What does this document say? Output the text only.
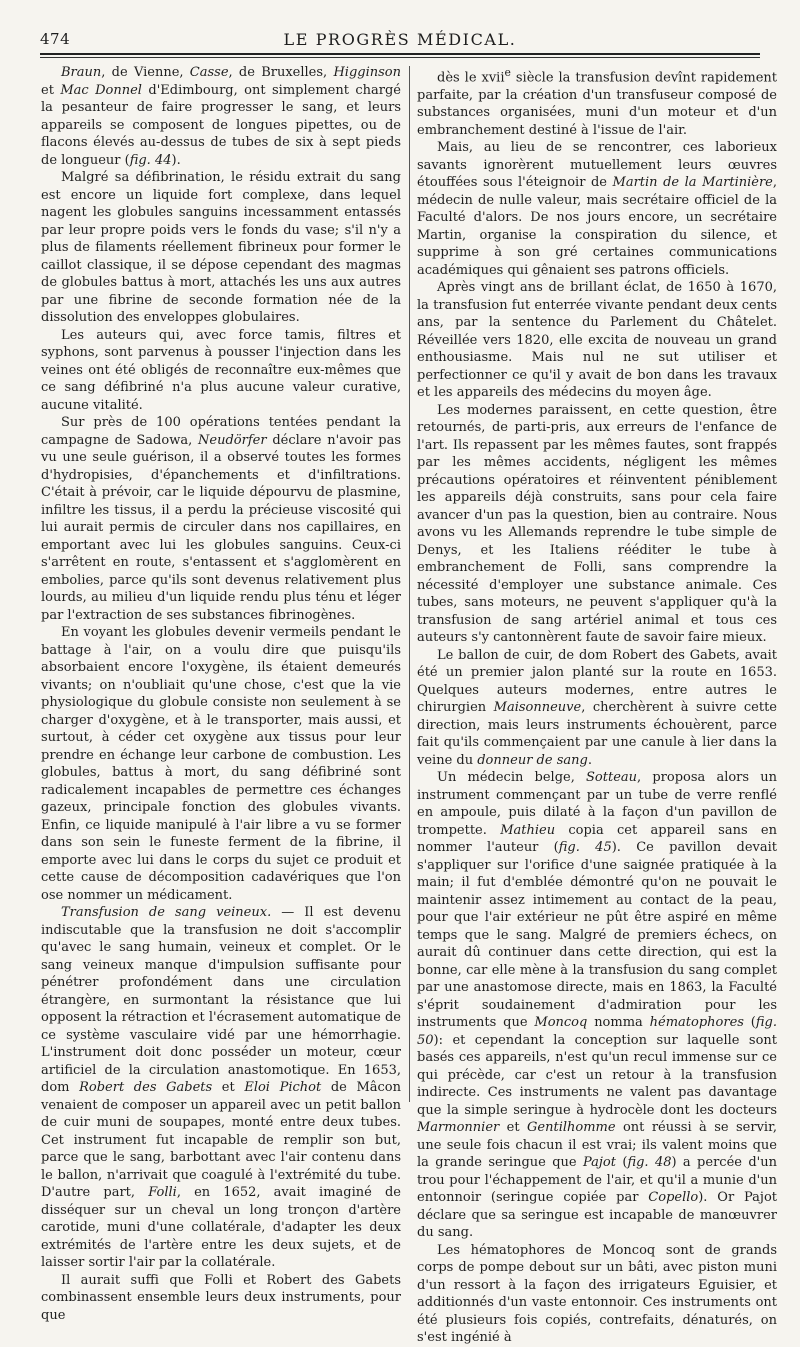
474	LE PROGRÈS MÉDICAL.

Braun, de Vienne, Casse, de Bruxelles, Higginson et Mac Donnel d'Edimbourg, ont simplement chargé la pesanteur de faire progresser le sang, et leurs appareils se composent de longues pipettes, ou de flacons élevés au-dessus de tubes de six à sept pieds de longueur (fig. 44).

Malgré sa défibrination, le résidu extrait du sang est encore un liquide fort complexe, dans lequel nagent les globules sanguins incessamment entassés par leur propre poids vers le fonds du vase; s'il n'y a plus de filaments réellement fibrineux pour former le caillot classique, il se dépose cependant des magmas de globules battus à mort, attachés les uns aux autres par une fibrine de seconde formation née de la dissolution des enveloppes globulaires.

Les auteurs qui, avec force tamis, filtres et syphons, sont parvenus à pousser l'injection dans les veines ont été obligés de reconnaître eux-mêmes que ce sang défibriné n'a plus aucune valeur curative, aucune vitalité.

Sur près de 100 opérations tentées pendant la campagne de Sadowa, Neudörfer déclare n'avoir pas vu une seule guérison, il a observé toutes les formes d'hydropisies, d'épanchements et d'infiltrations. C'était à prévoir, car le liquide dépourvu de plasmine, infiltre les tissus, il a perdu la précieuse viscosité qui lui aurait permis de circuler dans nos capillaires, en emportant avec lui les globules sanguins. Ceux-ci s'arrêtent en route, s'entassent et s'agglomèrent en embolies, parce qu'ils sont devenus relativement plus lourds, au milieu d'un liquide rendu plus ténu et léger par l'extraction de ses substances fibrinogènes.

En voyant les globules devenir vermeils pendant le battage à l'air, on a voulu dire que puisqu'ils absorbaient encore l'oxygène, ils étaient demeurés vivants; on n'oubliait qu'une chose, c'est que la vie physiologique du globule consiste non seulement à se charger d'oxygène, et à le transporter, mais aussi, et surtout, à céder cet oxygène aux tissus pour leur prendre en échange leur carbone de combustion. Les globules, battus à mort, du sang défibriné sont radicalement incapables de permettre ces échanges gazeux, principale fonction des globules vivants. Enfin, ce liquide manipulé à l'air libre a vu se former dans son sein le funeste ferment de la fibrine, il emporte avec lui dans le corps du sujet ce produit et cette cause de décomposition cadavériques que l'on ose nommer un médicament.

Transfusion de sang veineux. — Il est devenu indiscutable que la transfusion ne doit s'accomplir qu'avec le sang humain, veineux et complet. Or le sang veineux manque d'impulsion suffisante pour pénétrer profondément dans une circulation étrangère, en surmontant la résistance que lui opposent la rétraction et l'écrasement automatique de ce système vasculaire vidé par une hémorrhagie. L'instrument doit donc posséder un moteur, cœur artificiel de la circulation anastomotique. En 1653, dom Robert des Gabets et Eloi Pichot de Mâcon venaient de composer un appareil avec un petit ballon de cuir muni de soupapes, monté entre deux tubes. Cet instrument fut incapable de remplir son but, parce que le sang, barbottant avec l'air contenu dans le ballon, n'arrivait que coagulé à l'extrémité du tube. D'autre part, Folli, en 1652, avait imaginé de disséquer sur un cheval un long tronçon d'artère carotide, muni d'une collatérale, d'adapter les deux extrémités de l'artère entre les deux sujets, et de laisser sortir l'air par la collatérale.

Il aurait suffi que Folli et Robert des Gabets combinassent ensemble leurs deux instruments, pour que

dès le xvii$^e$ siècle la transfusion devînt rapidement parfaite, par la création d'un transfuseur composé de substances organisées, muni d'un moteur et d'un embranchement destiné à l'issue de l'air.

Mais, au lieu de se rencontrer, ces laborieux savants ignorèrent mutuellement leurs œuvres étouffées sous l'éteignoir de Martin de la Martinière, médecin de nulle valeur, mais secrétaire officiel de la Faculté d'alors. De nos jours encore, un secrétaire Martin, organise la conspiration du silence, et supprime à son gré certaines communications académiques qui gênaient ses patrons officiels.

Après vingt ans de brillant éclat, de 1650 à 1670, la transfusion fut enterrée vivante pendant deux cents ans, par la sentence du Parlement du Châtelet. Réveillée vers 1820, elle excita de nouveau un grand enthousiasme. Mais nul ne sut utiliser et perfectionner ce qu'il y avait de bon dans les travaux et les appareils des médecins du moyen âge.

Les modernes paraissent, en cette question, être retournés, de parti-pris, aux erreurs de l'enfance de l'art. Ils repassent par les mêmes fautes, sont frappés par les mêmes accidents, négligent les mêmes précautions opératoires et réinventent péniblement les appareils déjà construits, sans pour cela faire avancer d'un pas la question, bien au contraire. Nous avons vu les Allemands reprendre le tube simple de Denys, et les Italiens rééditer le tube à embranchement de Folli, sans comprendre la nécessité d'employer une substance animale. Ces tubes, sans moteurs, ne peuvent s'appliquer qu'à la transfusion de sang artériel animal et tous ces auteurs s'y cantonnèrent faute de savoir faire mieux.

Le ballon de cuir, de dom Robert des Gabets, avait été un premier jalon planté sur la route en 1653. Quelques auteurs modernes, entre autres le chirurgien Maisonneuve, cherchèrent à suivre cette direction, mais leurs instruments échouèrent, parce fait qu'ils commençaient par une canule à lier dans la veine du donneur de sang.

Un médecin belge, Sotteau, proposa alors un instrument commençant par un tube de verre renflé en ampoule, puis dilaté à la façon d'un pavillon de trompette. Mathieu copia cet appareil sans en nommer l'auteur (fig. 45). Ce pavillon devait s'appliquer sur l'orifice d'une saignée pratiquée à la main; il fut d'emblée démontré qu'on ne pouvait le maintenir assez intimement au contact de la peau, pour que l'air extérieur ne pût être aspiré en même temps que le sang. Malgré de premiers échecs, on aurait dû continuer dans cette direction, qui est la bonne, car elle mène à la transfusion du sang complet par une anastomose directe, mais en 1863, la Faculté s'éprit soudainement d'admiration pour les instruments que Moncoq nomma hématophores (fig. 50): et cependant la conception sur laquelle sont basés ces appareils, n'est qu'un recul immense sur ce qui précède, car c'est un retour à la transfusion indirecte. Ces instruments ne valent pas davantage que la simple seringue à hydrocèle dont les docteurs Marmonnier et Gentilhomme ont réussi à se servir, une seule fois chacun il est vrai; ils valent moins que la grande seringue que Pajot (fig. 48) a percée d'un trou pour l'échappement de l'air, et qu'il a munie d'un entonnoir (seringue copiée par Copello). Or Pajot déclare que sa seringue est incapable de manœuvrer du sang.

Les hématophores de Moncoq sont de grands corps de pompe debout sur un bâti, avec piston muni d'un ressort à la façon des irrigateurs Eguisier, et additionnés d'un vaste entonnoir. Ces instruments ont été plusieurs fois copiés, contrefaits, dénaturés, on s'est ingénié à
